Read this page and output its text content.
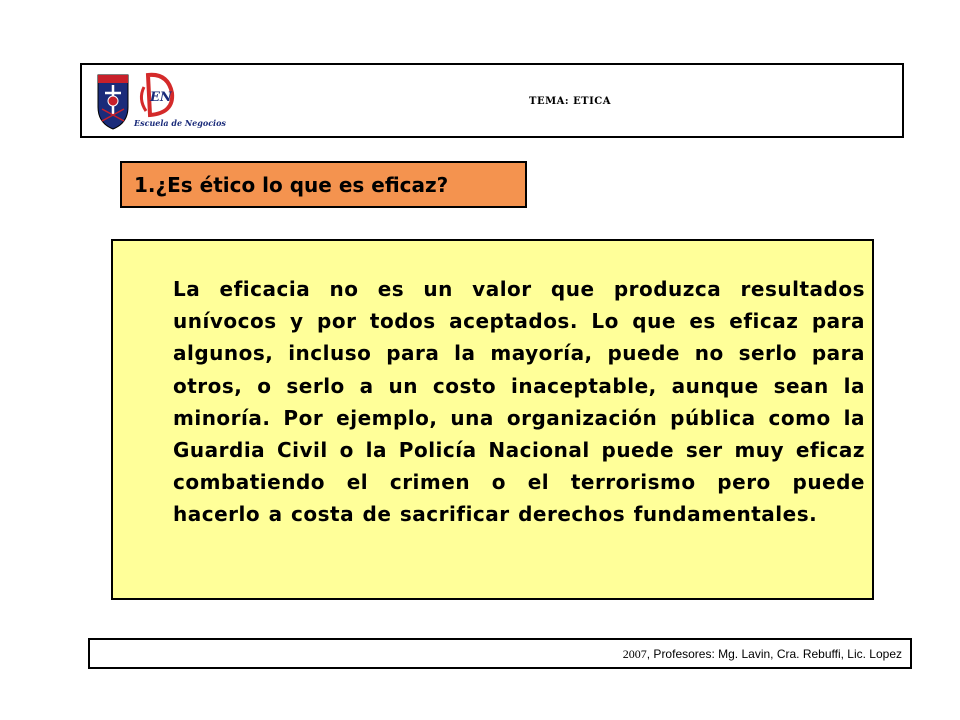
EN
Escuela de Negocios
TEMA: ETICA
1.¿Es ético lo que es eficaz?

La eficacia no es un valor que produzca resultados unívocos y por todos aceptados. Lo que es eficaz para algunos, incluso para la mayoría, puede no serlo para otros, o serlo a un costo inaceptable, aunque sean la minoría. Por ejemplo, una organización pública como la Guardia Civil o la Policía Nacional puede ser muy eficaz combatiendo el crimen o el terrorismo pero puede hacerlo a costa de sacrificar derechos fundamentales.

2007, Profesores: Mg. Lavin, Cra. Rebuffi, Lic. Lopez
